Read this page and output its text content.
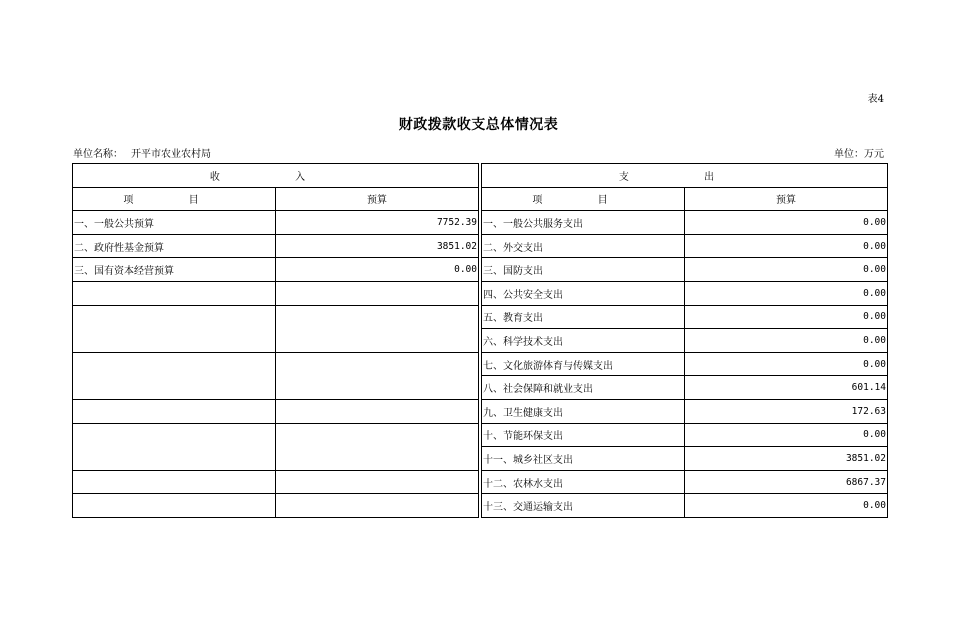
表4
财政拨款收支总体情况表
单位名称： 开平市农业农村局	单位：万元
收 入			支 出	
项 目	预算		项 目	预算
一、一般公共预算	7752.39		一、一般公共服务支出	0.00
二、政府性基金预算	3851.02		二、外交支出	0.00
三、国有资本经营预算	0.00		三、国防支出	0.00
			四、公共安全支出	0.00
			五、教育支出	0.00
			六、科学技术支出	0.00
			七、文化旅游体育与传媒支出	0.00
			八、社会保障和就业支出	601.14
			九、卫生健康支出	172.63
			十、节能环保支出	0.00
			十一、城乡社区支出	3851.02
			十二、农林水支出	6867.37
			十三、交通运输支出	0.00
